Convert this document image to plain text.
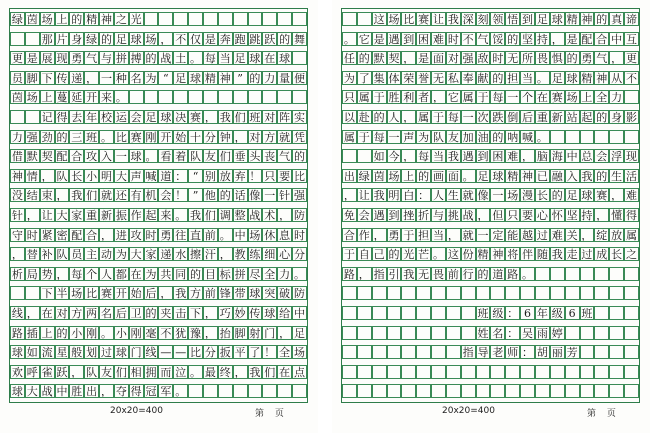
绿 茵 场 上 的 精 神 之 光
那 片 身 绿 的 足 球 场 ， 不 仅 是 奔 跑 跳 跃 的 舞
更 是 展 现 勇 气 与 拼 搏 的 战 土 。 每 当 足 球 在 球
员 脚 下 传 递 ， 一 种 名 为 “ 足 球 精 神 ” 的 力 量 便
茵 场 上 蔓 延 开 来 。
记 得 去 年 校 运 会 足 球 决 赛 ， 我 们 班 对 阵 实
力 强 劲 的 三 班 。 比 赛 刚 开 始 十 分 钟 ， 对 方 就 凭
借 默 契 配 合 攻 入 一 球 。 看 着 队 友 们 垂 头 丧 气 的
神 情 ， 队 长 小 明 大 声 喊 道 ： “ 别 放 弃 ！ 只 要 比
没 结 束 ， 我 们 就 还 有 机 会 ！ ” 他 的 话 像 一 针 强
针 ， 让 大 家 重 新 振 作 起 来 。 我 们 调 整 战 术 ， 防
守 时 紧 密 配 合 ， 进 攻 时 勇 往 直 前 。 中 场 休 息 时
， 替 补 队 员 主 动 为 大 家 递 水 擦 汗 ， 教 练 细 心 分
析 局 势 ， 每 个 人 都 在 为 共 同 的 目 标 拼 尽 全 力 。
下 半 场 比 赛 开 始 后 ， 我 方 前 锋 带 球 突 破 防
线 ， 在 对 方 两 名 后 卫 的 夹 击 下 ， 巧 妙 传 球 给 中
路 插 上 的 小 刚 。 小 刚 毫 不 犹 豫 ， 抬 脚 射 门 ， 足
球 如 流 星 般 划 过 球 门 线 — — 比 分 扳 平 了 ！ 全 场
欢 呼 雀 跃 ， 队 友 们 相 拥 而 泣 。 最 终 ， 我 们 在 点
球 大 战 中 胜 出 ， 夺 得 冠 军 。
20x20=400	第 页
这 场 比 赛 让 我 深 刻 领 悟 到 足 球 精 神 的 真 谛
。 它 是 遇 到 困 难 时 不 气 馁 的 坚 持 ， 是 配 合 中 互
任 的 默 契 ， 是 面 对 强 敌 时 无 所 畏 惧 的 勇 气 ， 更
为 了 集 体 荣 誉 无 私 奉 献 的 担 当 。 足 球 精 神 从 不
只 属 于 胜 利 者 ， 它 属 于 每 一 个 在 赛 场 上 全 力
以 赴 的 人 ， 属 于 每 一 次 跌 倒 后 重 新 站 起 的 身 影
属 于 每 一 声 为 队 友 加 油 的 呐 喊 。
如 今 ， 每 当 我 遇 到 困 难 ， 脑 海 中 总 会 浮 现
出 绿 茵 场 上 的 画 面 。 足 球 精 神 已 融 入 我 的 生 活
， 让 我 明 白 ： 人 生 就 像 一 场 漫 长 的 足 球 赛 ， 难
免 会 遇 到 挫 折 与 挑 战 ， 但 只 要 心 怀 坚 持 ， 懂 得
合 作 ， 勇 于 担 当 ， 就 一 定 能 越 过 难 关 ， 绽 放 属
于 自 己 的 光 芒 。 这 份 精 神 将 伴 随 我 走 过 成 长 之
路 ， 指 引 我 无 畏 前 行 的 道 路 。
班 级 ： 6 年 级 6 班
姓 名 ： 吴 雨 婷
指 导 老 师 ： 胡 丽 芳
20x20=400	第 页
